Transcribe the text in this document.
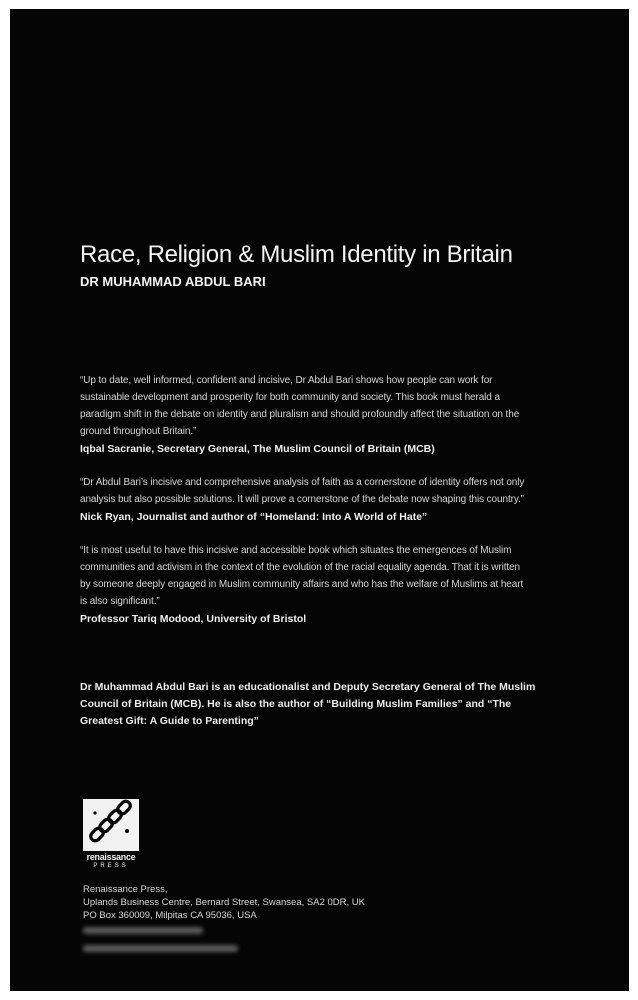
Race, Religion & Muslim Identity in Britain
DR MUHAMMAD ABDUL BARI

“Up to date, well informed, confident and incisive, Dr Abdul Bari shows how people can work for sustainable development and prosperity for both community and society. This book must herald a paradigm shift in the debate on identity and pluralism and should profoundly affect the situation on the ground throughout Britain.”

Iqbal Sacranie, Secretary General, The Muslim Council of Britain (MCB)

“Dr Abdul Bari’s incisive and comprehensive analysis of faith as a cornerstone of identity offers not only analysis but also possible solutions. It will prove a cornerstone of the debate now shaping this country.”

Nick Ryan, Journalist and author of “Homeland: Into A World of Hate”

“It is most useful to have this incisive and accessible book which situates the emergences of Muslim communities and activism in the context of the evolution of the racial equality agenda. That it is written by someone deeply engaged in Muslim community affairs and who has the welfare of Muslims at heart is also significant.”

Professor Tariq Modood, University of Bristol

Dr Muhammad Abdul Bari is an educationalist and Deputy Secretary General of The Muslim Council of Britain (MCB). He is also the author of “Building Muslim Families” and “The Greatest Gift: A Guide to Parenting”

renaissance
PRESS

Renaissance Press,
Uplands Business Centre, Bernard Street, Swansea, SA2 0DR, UK
PO Box 360009, Milpitas CA 95036, USA
